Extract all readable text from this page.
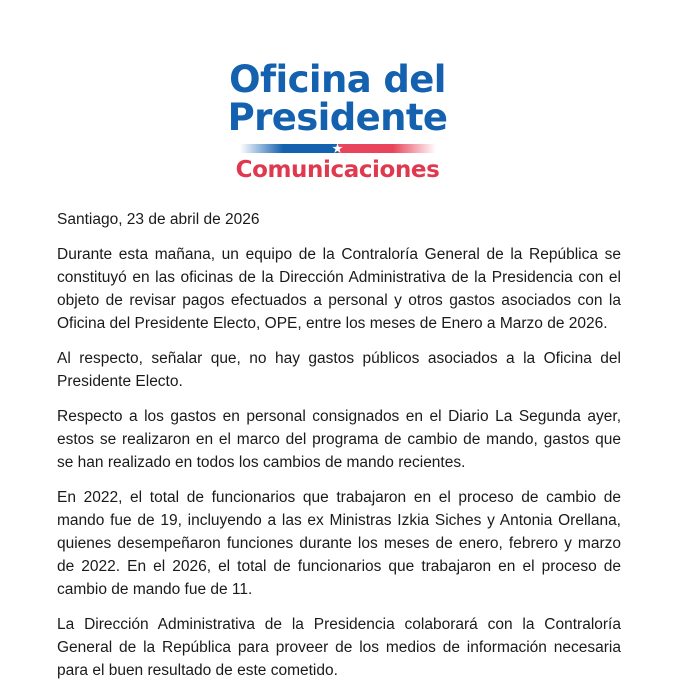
Oficina del
Presidente
Comunicaciones

Santiago, 23 de abril de 2026

Durante esta mañana, un equipo de la Contraloría General de la República se constituyó en las oficinas de la Dirección Administrativa de la Presidencia con el objeto de revisar pagos efectuados a personal y otros gastos asociados con la Oficina del Presidente Electo, OPE, entre los meses de Enero a Marzo de 2026.

Al respecto, señalar que, no hay gastos públicos asociados a la Oficina del Presidente Electo.

Respecto a los gastos en personal consignados en el Diario La Segunda ayer, estos se realizaron en el marco del programa de cambio de mando, gastos que se han realizado en todos los cambios de mando recientes.

En 2022, el total de funcionarios que trabajaron en el proceso de cambio de mando fue de 19, incluyendo a las ex Ministras Izkia Siches y Antonia Orellana, quienes desempeñaron funciones durante los meses de enero, febrero y marzo de 2022. En el 2026, el total de funcionarios que trabajaron en el proceso de cambio de mando fue de 11.

La Dirección Administrativa de la Presidencia colaborará con la Contraloría General de la República para proveer de los medios de información necesaria para el buen resultado de este cometido.
